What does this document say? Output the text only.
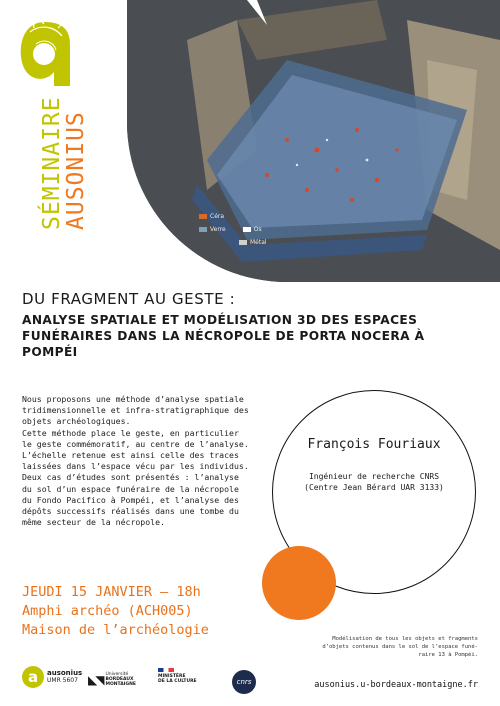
SÉMINAIRE
AUSONIUS	Céra
Verre	Os
Métal
DU FRAGMENT AU GESTE :
ANALYSE SPATIALE ET MODÉLISATION 3D DES ESPACES FUNÉRAIRES DANS LA NÉCROPOLE DE PORTA NOCERA À POMPÉI

Nous proposons une méthode d’analyse spatiale tridimensionnelle et infra-stratigraphique des objets archéologiques.

Cette méthode place le geste, en particulier le geste commémoratif, au centre de l’analyse. L’échelle retenue est ainsi celle des traces laissées dans l’espace vécu par les individus.

Deux cas d’études sont présentés : l’analyse du sol d’un espace funéraire de la nécropole du Fondo Pacifico à Pompéi, et l’analyse des dépôts successifs réalisés dans une tombe du même secteur de la nécropole.

François Fouriaux
Ingénieur de recherche CNRS
(Centre Jean Bérard UAR 3133)
JEUDI 15 JANVIER — 18h
Amphi archéo (ACH005)
Maison de l’archéologie
Modélisation de tous les objets et fragments
d’objets contenus dans le sol de l’espace funé-
raire 13 à Pompéi.
a	ausonius
UMR 5607 ◣◥ Université
BORDEAUX
MONTAIGNE
MINISTÈRE
DE LA CULTURE	cnrs	ausonius.u-bordeaux-montaigne.fr
